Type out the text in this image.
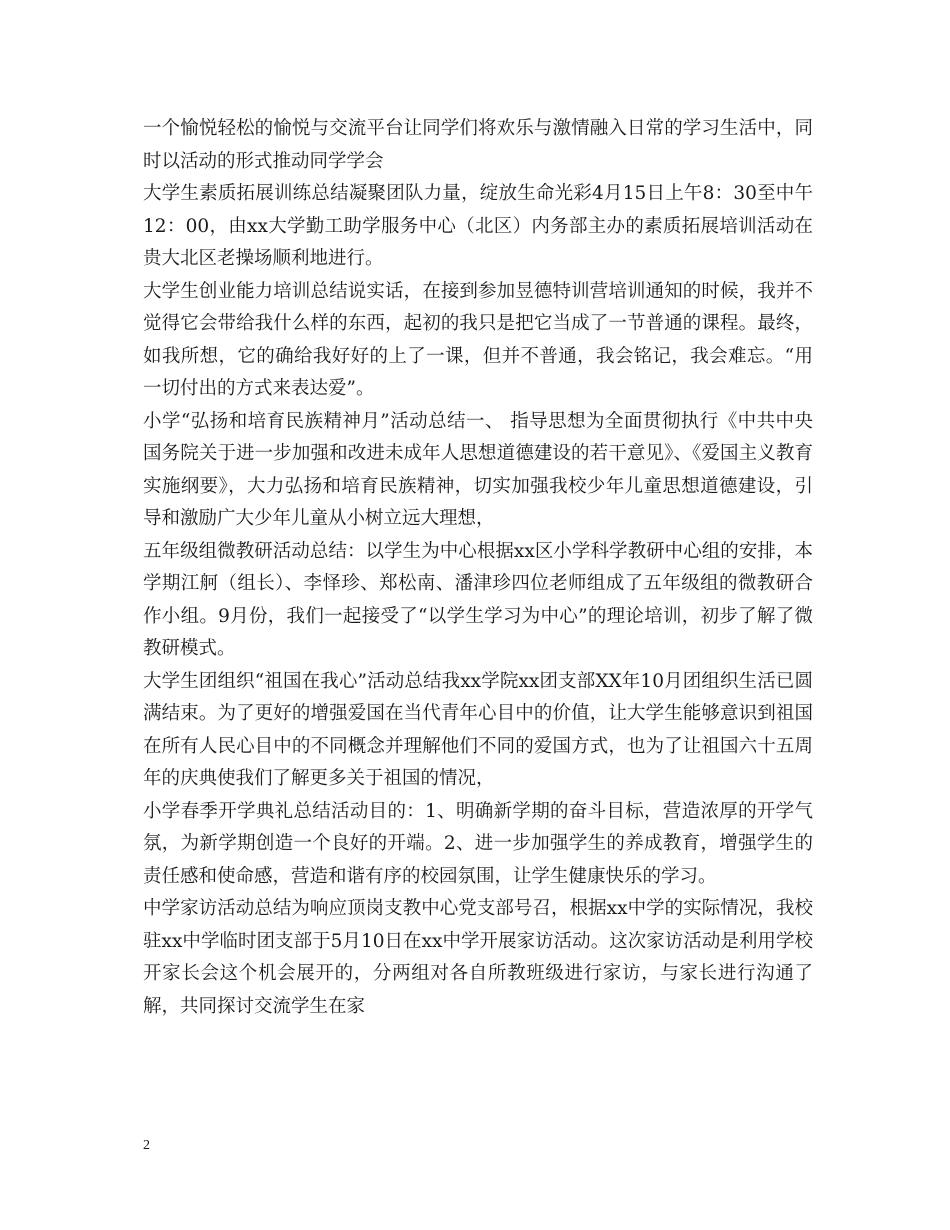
一个愉悦轻松的愉悦与交流平台让同学们将欢乐与激情融入日常的学习生活中，同时以活动的形式推动同学学会

大学生素质拓展训练总结凝聚团队力量，绽放生命光彩4月15日上午8：30至中午12：00，由xx大学勤工助学服务中心（北区）内务部主办的素质拓展培训活动在贵大北区老操场顺利地进行。

大学生创业能力培训总结说实话，在接到参加昱德特训营培训通知的时候，我并不觉得它会带给我什么样的东西，起初的我只是把它当成了一节普通的课程。最终，如我所想，它的确给我好好的上了一课，但并不普通，我会铭记，我会难忘。“用一切付出的方式来表达爱”。

小学“弘扬和培育民族精神月”活动总结一、 指导思想为全面贯彻执行《中共中央国务院关于进一步加强和改进未成年人思想道德建设的若干意见》、《爱国主义教育实施纲要》，大力弘扬和培育民族精神，切实加强我校少年儿童思想道德建设，引导和激励广大少年儿童从小树立远大理想，

五年级组微教研活动总结：以学生为中心根据xx区小学科学教研中心组的安排，本学期江舸（组长）、李怿珍、郑松南、潘津珍四位老师组成了五年级组的微教研合作小组。9月份，我们一起接受了“以学生学习为中心”的理论培训，初步了解了微教研模式。

大学生团组织“祖国在我心”活动总结我xx学院xx团支部XX年10月团组织生活已圆满结束。为了更好的增强爱国在当代青年心目中的价值，让大学生能够意识到祖国在所有人民心目中的不同概念并理解他们不同的爱国方式，也为了让祖国六十五周年的庆典使我们了解更多关于祖国的情况，

小学春季开学典礼总结活动目的：1、明确新学期的奋斗目标，营造浓厚的开学气氛，为新学期创造一个良好的开端。2、进一步加强学生的养成教育，增强学生的责任感和使命感，营造和谐有序的校园氛围，让学生健康快乐的学习。

中学家访活动总结为响应顶岗支教中心党支部号召，根据xx中学的实际情况，我校驻xx中学临时团支部于5月10日在xx中学开展家访活动。这次家访活动是利用学校开家长会这个机会展开的，分两组对各自所教班级进行家访，与家长进行沟通了解，共同探讨交流学生在家

2
